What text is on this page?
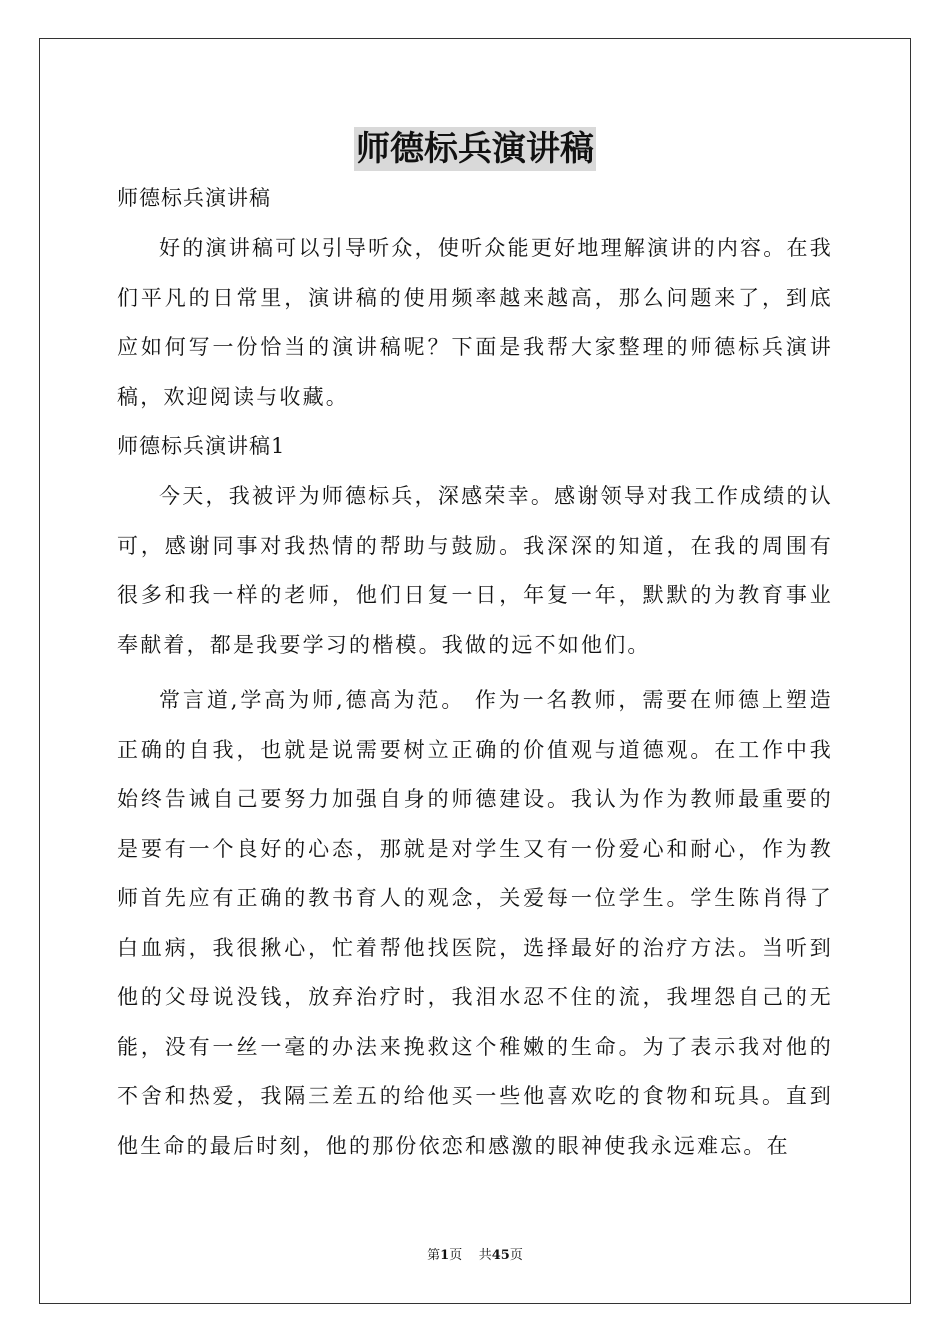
师德标兵演讲稿

师德标兵演讲稿

好的演讲稿可以引导听众，使听众能更好地理解演讲的内容。在我们平凡的日常里，演讲稿的使用频率越来越高，那么问题来了，到底应如何写一份恰当的演讲稿呢？下面是我帮大家整理的师德标兵演讲稿，欢迎阅读与收藏。

师德标兵演讲稿1

今天，我被评为师德标兵，深感荣幸。感谢领导对我工作成绩的认可，感谢同事对我热情的帮助与鼓励。我深深的知道，在我的周围有很多和我一样的老师，他们日复一日，年复一年，默默的为教育事业奉献着，都是我要学习的楷模。我做的远不如他们。

常言道,学高为师,德高为范。 作为一名教师，需要在师德上塑造正确的自我，也就是说需要树立正确的价值观与道德观。在工作中我始终告诫自己要努力加强自身的师德建设。我认为作为教师最重要的是要有一个良好的心态，那就是对学生又有一份爱心和耐心，作为教师首先应有正确的教书育人的观念，关爱每一位学生。学生陈肖得了白血病，我很揪心，忙着帮他找医院，选择最好的治疗方法。当听到他的父母说没钱，放弃治疗时，我泪水忍不住的流，我埋怨自己的无能，没有一丝一毫的办法来挽救这个稚嫩的生命。为了表示我对他的不舍和热爱，我隔三差五的给他买一些他喜欢吃的食物和玩具。直到他生命的最后时刻，他的那份依恋和感激的眼神使我永远难忘。在

第1页 共45页
